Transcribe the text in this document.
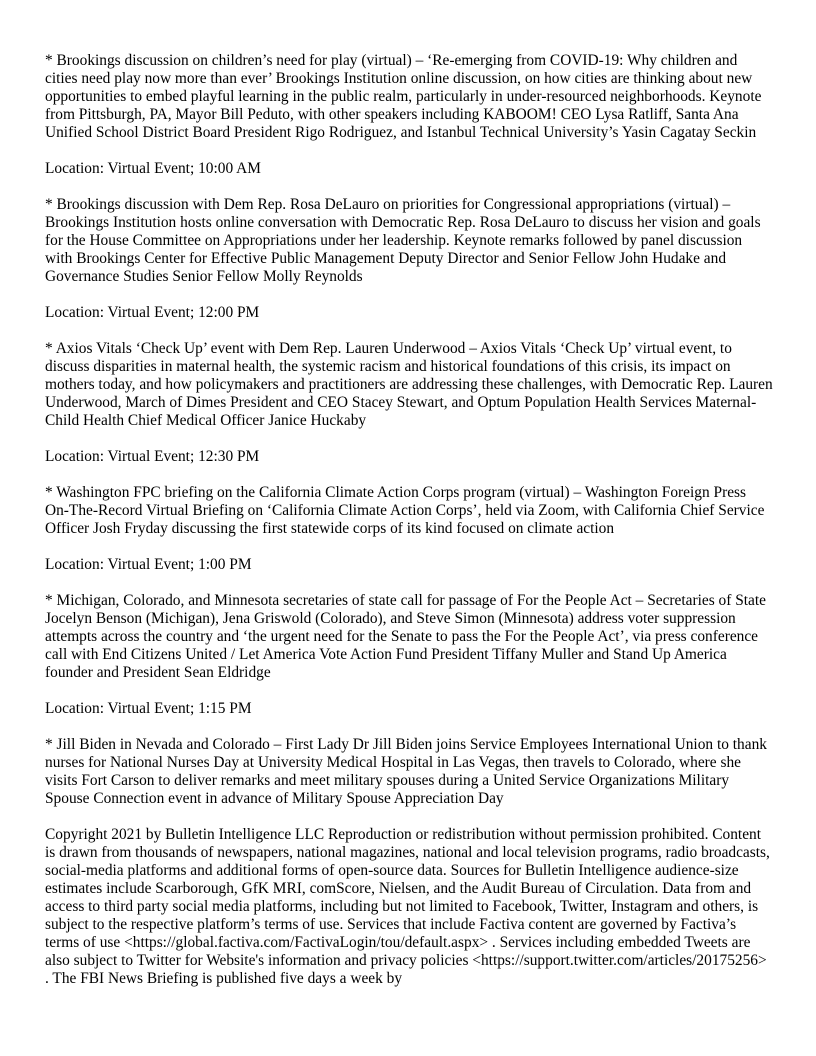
* Brookings discussion on children’s need for play (virtual) – ‘Re-emerging from COVID-19: Why children and cities need play now more than ever’ Brookings Institution online discussion, on how cities are thinking about new opportunities to embed playful learning in the public realm, particularly in under-resourced neighborhoods. Keynote from Pittsburgh, PA, Mayor Bill Peduto, with other speakers including KABOOM! CEO Lysa Ratliff, Santa Ana Unified School District Board President Rigo Rodriguez, and Istanbul Technical University’s Yasin Cagatay Seckin

Location: Virtual Event; 10:00 AM

* Brookings discussion with Dem Rep. Rosa DeLauro on priorities for Congressional appropriations (virtual) – Brookings Institution hosts online conversation with Democratic Rep. Rosa DeLauro to discuss her vision and goals for the House Committee on Appropriations under her leadership. Keynote remarks followed by panel discussion with Brookings Center for Effective Public Management Deputy Director and Senior Fellow John Hudake and Governance Studies Senior Fellow Molly Reynolds

Location: Virtual Event; 12:00 PM

* Axios Vitals ‘Check Up’ event with Dem Rep. Lauren Underwood – Axios Vitals ‘Check Up’ virtual event, to discuss disparities in maternal health, the systemic racism and historical foundations of this crisis, its impact on mothers today, and how policymakers and practitioners are addressing these challenges, with Democratic Rep. Lauren Underwood, March of Dimes President and CEO Stacey Stewart, and Optum Population Health Services Maternal-Child Health Chief Medical Officer Janice Huckaby

Location: Virtual Event; 12:30 PM

* Washington FPC briefing on the California Climate Action Corps program (virtual) – Washington Foreign Press On-The-Record Virtual Briefing on ‘California Climate Action Corps’, held via Zoom, with California Chief Service Officer Josh Fryday discussing the first statewide corps of its kind focused on climate action

Location: Virtual Event; 1:00 PM

* Michigan, Colorado, and Minnesota secretaries of state call for passage of For the People Act – Secretaries of State Jocelyn Benson (Michigan), Jena Griswold (Colorado), and Steve Simon (Minnesota) address voter suppression attempts across the country and ‘the urgent need for the Senate to pass the For the People Act’, via press conference call with End Citizens United / Let America Vote Action Fund President Tiffany Muller and Stand Up America founder and President Sean Eldridge

Location: Virtual Event; 1:15 PM

* Jill Biden in Nevada and Colorado – First Lady Dr Jill Biden joins Service Employees International Union to thank nurses for National Nurses Day at University Medical Hospital in Las Vegas, then travels to Colorado, where she visits Fort Carson to deliver remarks and meet military spouses during a United Service Organizations Military Spouse Connection event in advance of Military Spouse Appreciation Day

Copyright 2021 by Bulletin Intelligence LLC Reproduction or redistribution without permission prohibited. Content is drawn from thousands of newspapers, national magazines, national and local television programs, radio broadcasts, social-media platforms and additional forms of open-source data. Sources for Bulletin Intelligence audience-size estimates include Scarborough, GfK MRI, comScore, Nielsen, and the Audit Bureau of Circulation. Data from and access to third party social media platforms, including but not limited to Facebook, Twitter, Instagram and others, is subject to the respective platform’s terms of use. Services that include Factiva content are governed by Factiva’s terms of use <https://global.factiva.com/FactivaLogin/tou/default.aspx> . Services including embedded Tweets are also subject to Twitter for Website's information and privacy policies <https://support.twitter.com/articles/20175256> . The FBI News Briefing is published five days a week by
